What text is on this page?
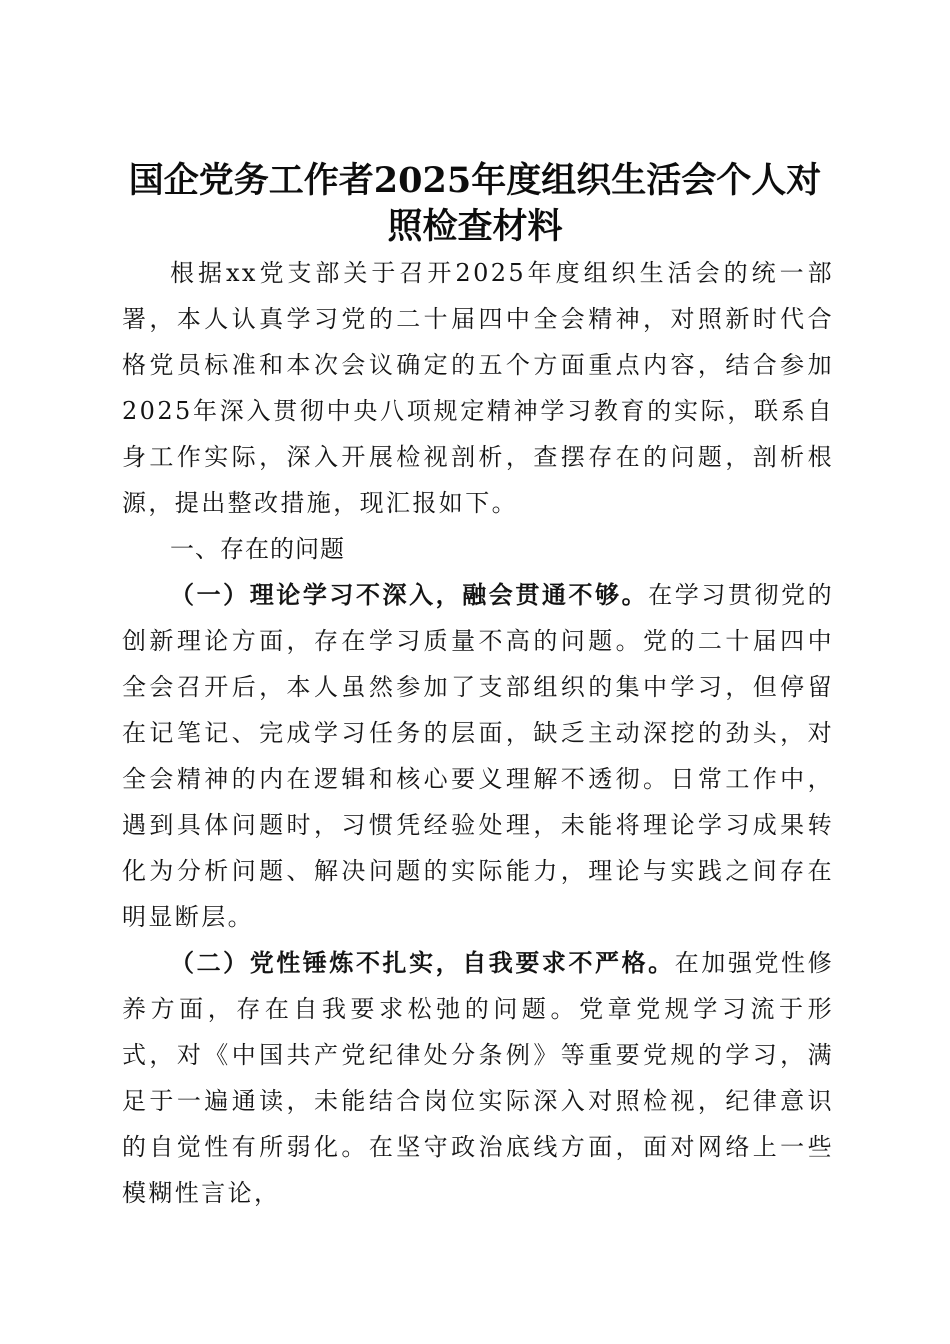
国企党务工作者2025年度组织生活会个人对
照检查材料

根据xx党支部关于召开2025年度组织生活会的统一部署，本人认真学习党的二十届四中全会精神，对照新时代合格党员标准和本次会议确定的五个方面重点内容，结合参加2025年深入贯彻中央八项规定精神学习教育的实际，联系自身工作实际，深入开展检视剖析，查摆存在的问题，剖析根源，提出整改措施，现汇报如下。

一、存在的问题

（一）理论学习不深入，融会贯通不够。在学习贯彻党的创新理论方面，存在学习质量不高的问题。党的二十届四中全会召开后，本人虽然参加了支部组织的集中学习，但停留在记笔记、完成学习任务的层面，缺乏主动深挖的劲头，对全会精神的内在逻辑和核心要义理解不透彻。日常工作中，遇到具体问题时，习惯凭经验处理，未能将理论学习成果转化为分析问题、解决问题的实际能力，理论与实践之间存在明显断层。

（二）党性锤炼不扎实，自我要求不严格。在加强党性修养方面，存在自我要求松弛的问题。党章党规学习流于形式，对《中国共产党纪律处分条例》等重要党规的学习，满足于一遍通读，未能结合岗位实际深入对照检视，纪律意识的自觉性有所弱化。在坚守政治底线方面，面对网络上一些模糊性言论，
